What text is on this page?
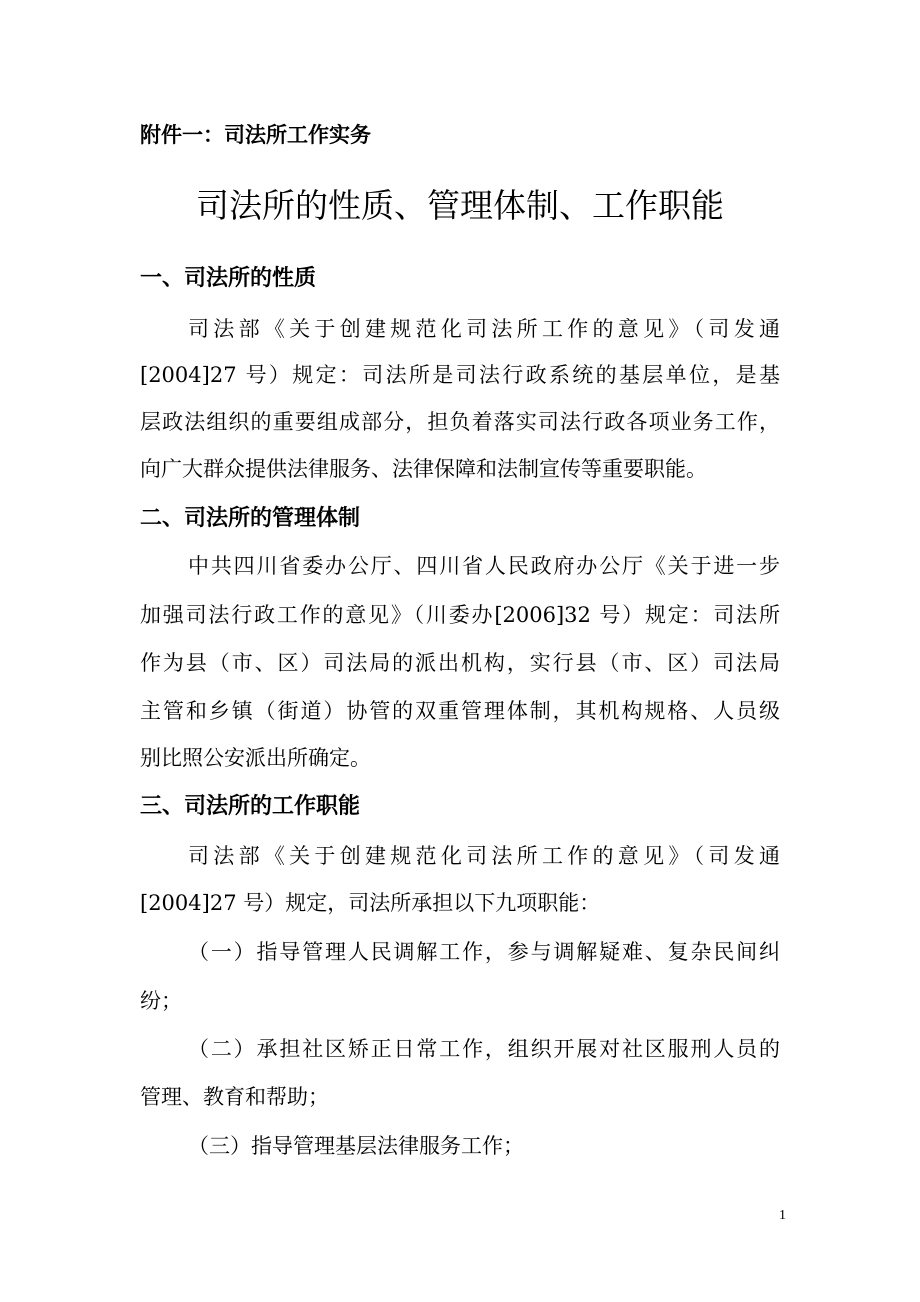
附件一：司法所工作实务
司法所的性质、管理体制、工作职能
一、司法所的性质
司法部《关于创建规范化司法所工作的意见》（司发通
[2004]27 号）规定：司法所是司法行政系统的基层单位，是基
层政法组织的重要组成部分，担负着落实司法行政各项业务工作，
向广大群众提供法律服务、法律保障和法制宣传等重要职能。
二、司法所的管理体制
中共四川省委办公厅、四川省人民政府办公厅《关于进一步
加强司法行政工作的意见》（川委办[2006]32 号）规定：司法所
作为县（市、区）司法局的派出机构，实行县（市、区）司法局
主管和乡镇（街道）协管的双重管理体制，其机构规格、人员级
别比照公安派出所确定。
三、司法所的工作职能
司法部《关于创建规范化司法所工作的意见》（司发通
[2004]27 号）规定，司法所承担以下九项职能：
（一）指导管理人民调解工作，参与调解疑难、复杂民间纠
纷；
（二）承担社区矫正日常工作，组织开展对社区服刑人员的
管理、教育和帮助；
（三）指导管理基层法律服务工作；
1
